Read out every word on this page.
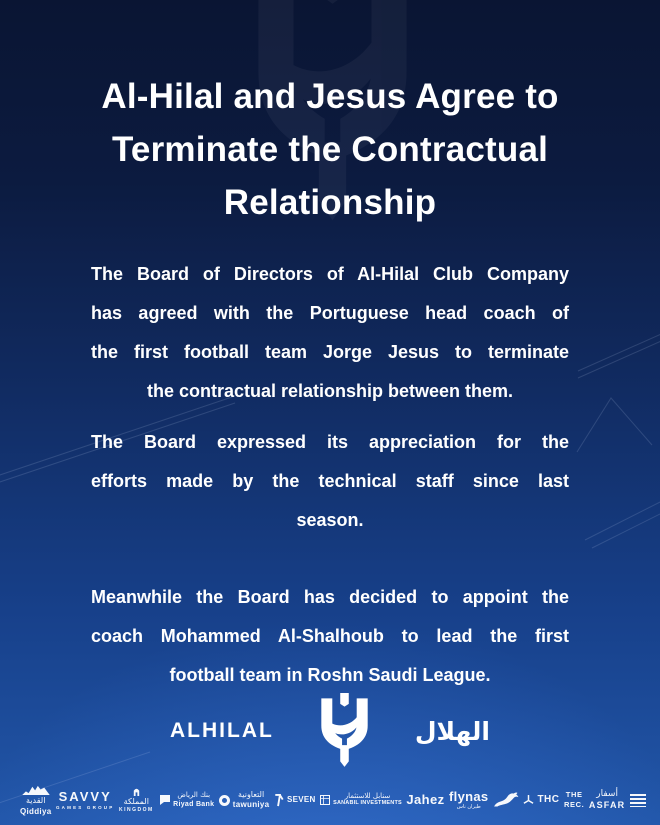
Al-Hilal and Jesus Agree to
Terminate the Contractual
Relationship
The Board of Directors of Al-Hilal Club Company
has agreed with the Portuguese head coach of
the first football team Jorge Jesus to terminate
the contractual relationship between them.
The Board expressed its appreciation for the
efforts made by the technical staff since last
season.
Meanwhile the Board has decided to appoint the
coach Mohammed Al-Shalhoub to lead the first
football team in Roshn Saudi League.
ALHILAL	الهلال
القدية
Qiddiya
SAVVY
GAMES GROUP
المملكة
KINGDOM
بنك الرياض
Riyad Bank
التعاونية
tawuniya
SEVEN	سنابل للاستثمار
SANABIL INVESTMENTS Jahez flynas
طيران ناس
THC THE
REC.
أسفار
ASFAR
